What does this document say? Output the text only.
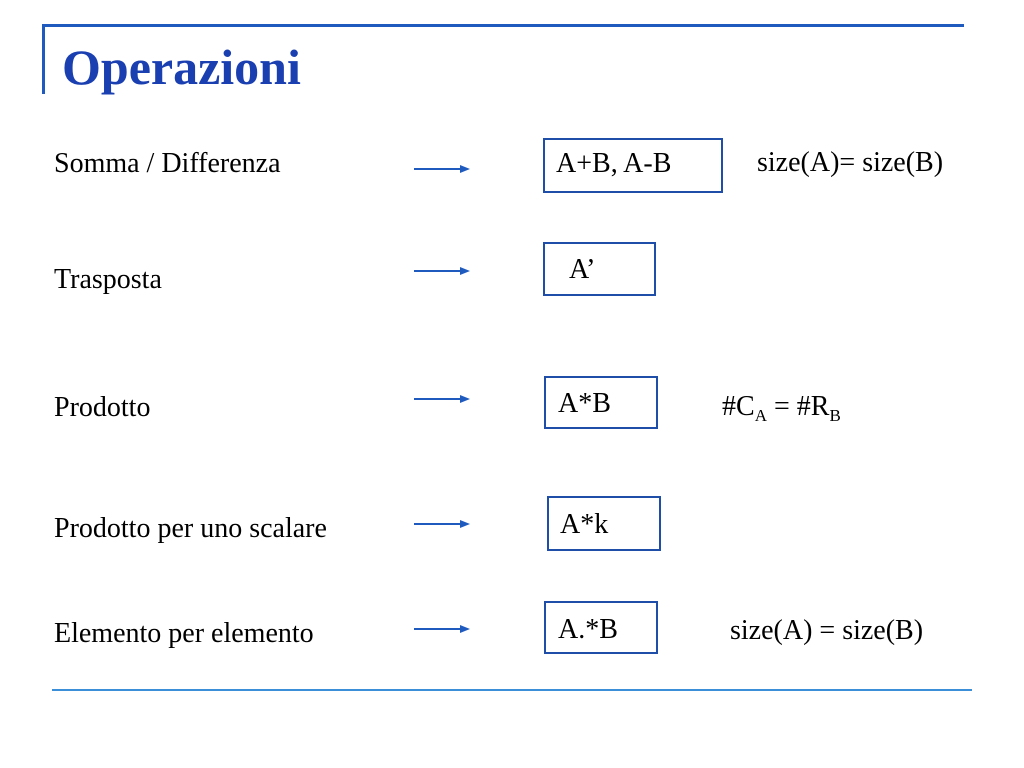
Operazioni
Somma / Differenza	A+B, A-B	size(A)= size(B)
Trasposta	A’
Prodotto	A*B	$\#C_A$ = $\#R_B$
Prodotto per uno scalare	A*k
Elemento per elemento	A.*B	size(A) = size(B)
